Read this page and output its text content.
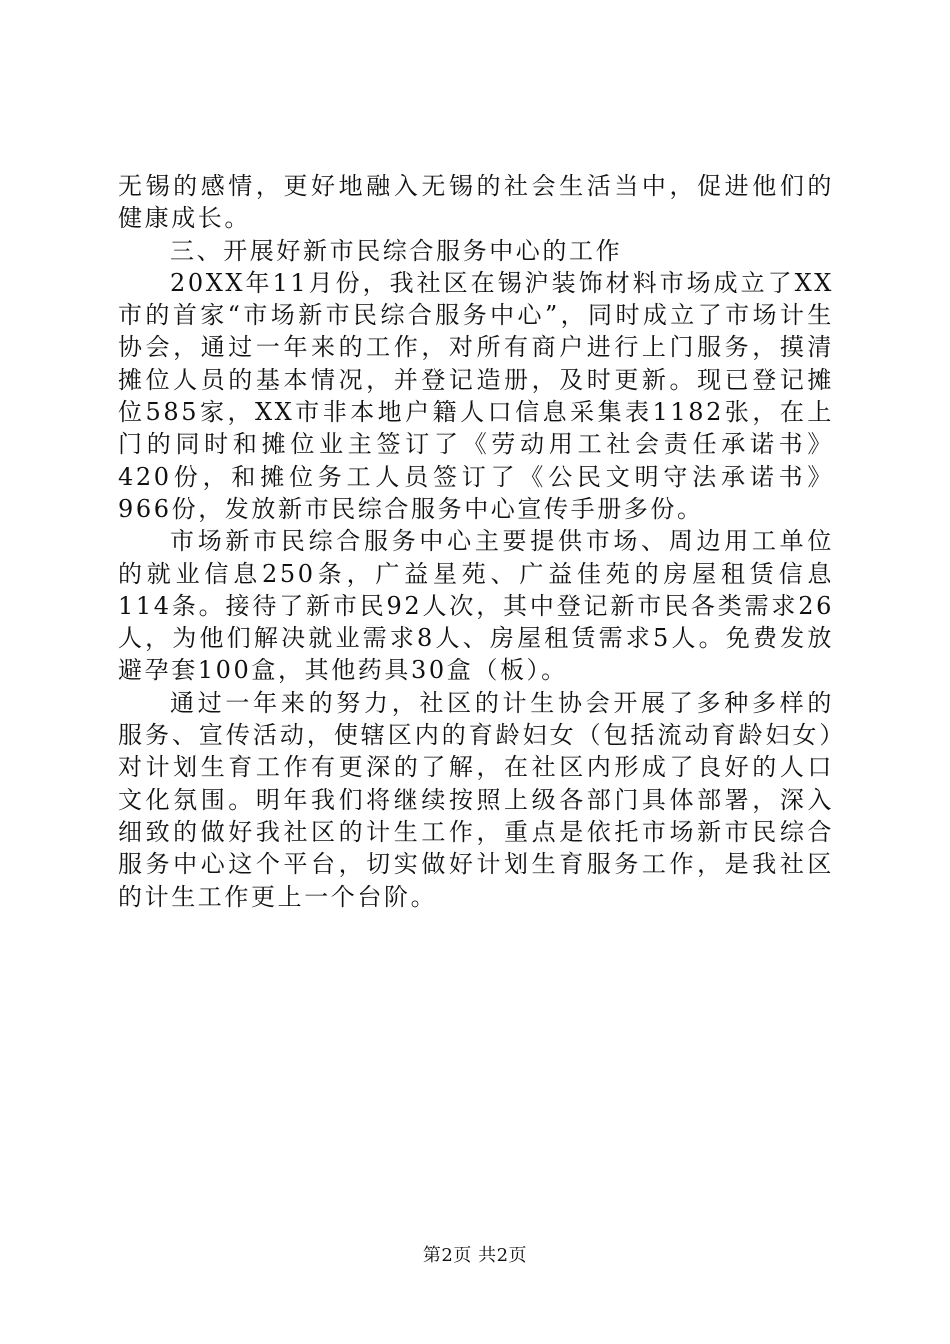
无锡的感情，更好地融入无锡的社会生活当中，促进他们的健康成长。

三、开展好新市民综合服务中心的工作

20XX年11月份，我社区在锡沪装饰材料市场成立了XX市的首家“市场新市民综合服务中心”，同时成立了市场计生协会，通过一年来的工作，对所有商户进行上门服务，摸清摊位人员的基本情况，并登记造册，及时更新。现已登记摊位585家，XX市非本地户籍人口信息采集表1182张，在上门的同时和摊位业主签订了《劳动用工社会责任承诺书》420份，和摊位务工人员签订了《公民文明守法承诺书》966份，发放新市民综合服务中心宣传手册多份。

市场新市民综合服务中心主要提供市场、周边用工单位的就业信息250条，广益星苑、广益佳苑的房屋租赁信息114条。接待了新市民92人次，其中登记新市民各类需求26人，为他们解决就业需求8人、房屋租赁需求5人。免费发放避孕套100盒，其他药具30盒（板）。

通过一年来的努力，社区的计生协会开展了多种多样的服务、宣传活动，使辖区内的育龄妇女（包括流动育龄妇女）对计划生育工作有更深的了解，在社区内形成了良好的人口文化氛围。明年我们将继续按照上级各部门具体部署，深入细致的做好我社区的计生工作，重点是依托市场新市民综合服务中心这个平台，切实做好计划生育服务工作，是我社区的计生工作更上一个台阶。

第2页 共2页
